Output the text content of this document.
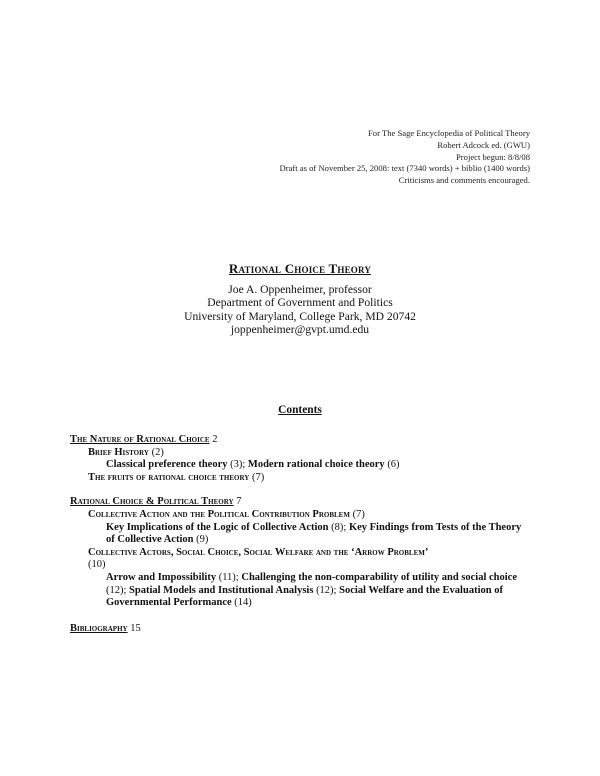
For The Sage Encyclopedia of Political Theory
Robert Adcock ed. (GWU)
Project begun: 8/8/08
Draft as of November 25, 2008: text (7340 words) + biblio (1400 words)
Criticisms and comments encouraged.
Rational Choice Theory
Joe A. Oppenheimer, professor
Department of Government and Politics
University of Maryland, College Park, MD 20742
joppenheimer@gvpt.umd.edu
Contents
The Nature of Rational Choice 2
Brief History (2)
Classical preference theory (3); Modern rational choice theory (6)
The fruits of rational choice theory (7)
Rational Choice & Political Theory 7
Collective Action and the Political Contribution Problem (7)
Key Implications of the Logic of Collective Action (8); Key Findings from Tests of the Theory of Collective Action (9)
Collective Actors, Social Choice, Social Welfare and the ‘Arrow Problem’
(10)
Arrow and Impossibility (11); Challenging the non-comparability of utility and social choice (12); Spatial Models and Institutional Analysis (12); Social Welfare and the Evaluation of Governmental Performance (14)
Bibliography 15
